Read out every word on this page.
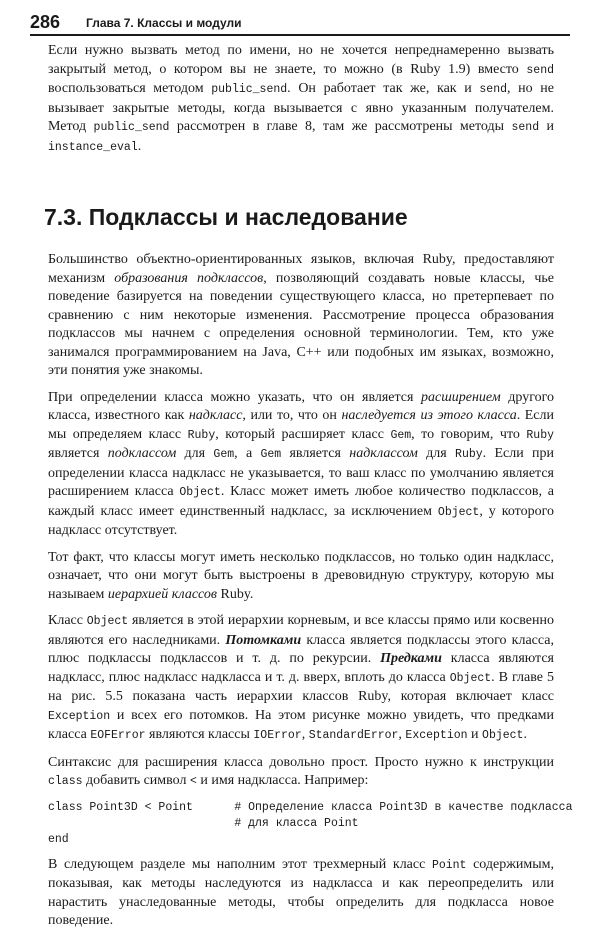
286 Глава 7. Классы и модули

Если нужно вызвать метод по имени, но не хочется непреднамеренно вызвать закрытый метод, о котором вы не знаете, то можно (в Ruby 1.9) вместо send воспользоваться методом public_send. Он работает так же, как и send, но не вызывает закрытые методы, когда вызывается с явно указанным получателем. Метод public_send рассмотрен в главе 8, там же рассмотрены методы send и instance_eval.

7.3. Подклассы и наследование

Большинство объектно-ориентированных языков, включая Ruby, предоставляют механизм образования подклассов, позволяющий создавать новые классы, чье поведение базируется на поведении существующего класса, но претерпевает по сравнению с ним некоторые изменения. Рассмотрение процесса образования подклассов мы начнем с определения основной терминологии. Тем, кто уже занимался программированием на Java, C++ или подобных им языках, возможно, эти понятия уже знакомы.

При определении класса можно указать, что он является расширением другого класса, известного как надкласс, или то, что он наследуется из этого класса. Если мы определяем класс Ruby, который расширяет класс Gem, то говорим, что Ruby является подклассом для Gem, а Gem является надклассом для Ruby. Если при определении класса надкласс не указывается, то ваш класс по умолчанию является расширением класса Object. Класс может иметь любое количество подклассов, а каждый класс имеет единственный надкласс, за исключением Object, у которого надкласс отсутствует.

Тот факт, что классы могут иметь несколько подклассов, но только один надкласс, означает, что они могут быть выстроены в древовидную структуру, которую мы называем иерархией классов Ruby.

Класс Object является в этой иерархии корневым, и все классы прямо или косвенно являются его наследниками. Потомками класса является подклассы этого класса, плюс подклассы подклассов и т. д. по рекурсии. Предками класса являются надкласс, плюс надкласс надкласса и т. д. вверх, вплоть до класса Object. В главе 5 на рис. 5.5 показана часть иерархии классов Ruby, которая включает класс Exception и всех его потомков. На этом рисунке можно увидеть, что предками класса EOFError являются классы IOError, StandardError, Exception и Object.

Синтаксис для расширения класса довольно прост. Просто нужно к инструкции class добавить символ < и имя надкласса. Например:

class Point3D < Point      # Определение класса Point3D в качестве подкласса
# для класса Point
end

В следующем разделе мы наполним этот трехмерный класс Point содержимым, показывая, как методы наследуются из надкласса и как переопределить или нарастить унаследованные методы, чтобы определить для подкласса новое поведение.
